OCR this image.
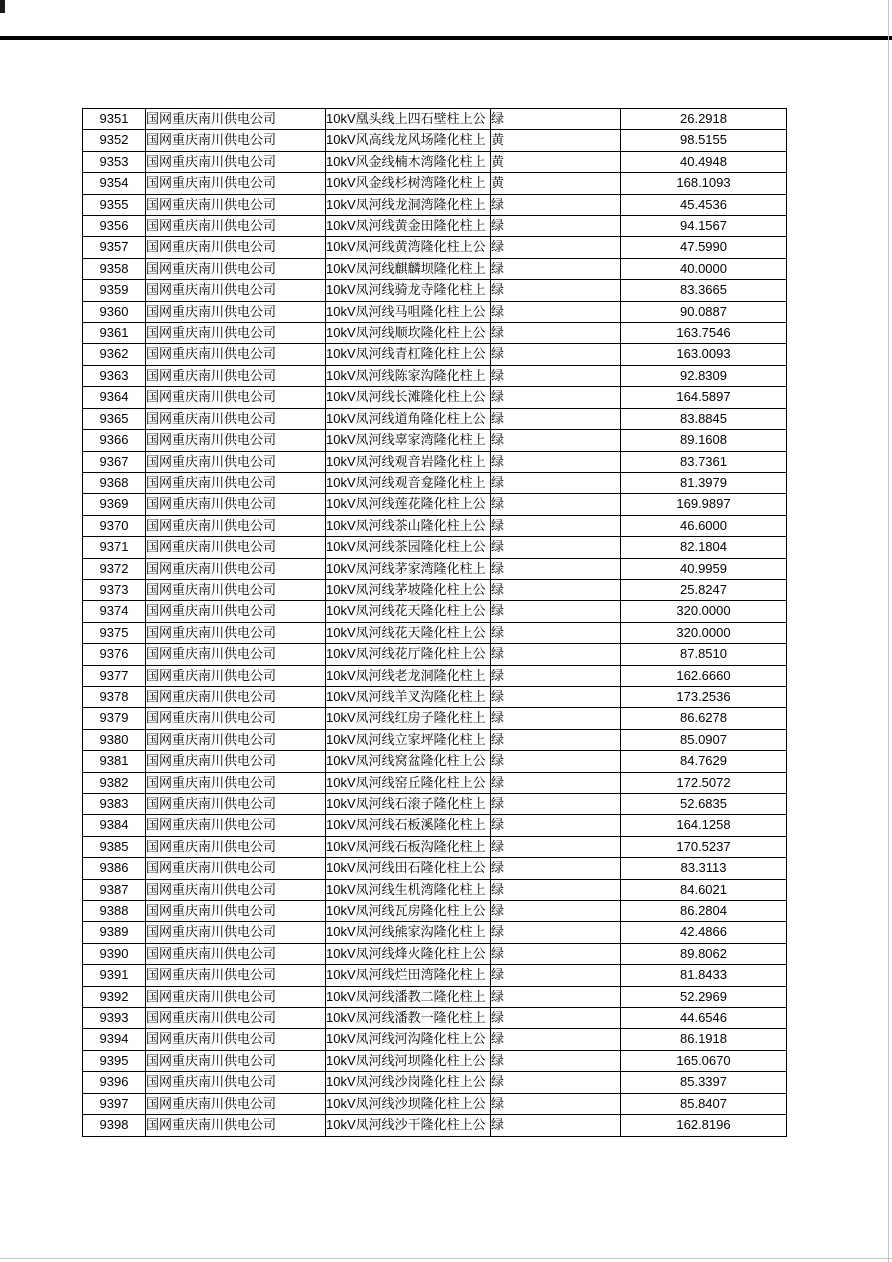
9351	国网重庆南川供电公司	10kV凰头线上四石壁柱上公	绿	26.2918
9352	国网重庆南川供电公司	10kV风高线龙风场隆化柱上	黄	98.5155
9353	国网重庆南川供电公司	10kV风金线楠木湾隆化柱上	黄	40.4948
9354	国网重庆南川供电公司	10kV风金线杉树湾隆化柱上	黄	168.1093
9355	国网重庆南川供电公司	10kV凤河线龙洞湾隆化柱上	绿	45.4536
9356	国网重庆南川供电公司	10kV凤河线黄金田隆化柱上	绿	94.1567
9357	国网重庆南川供电公司	10kV凤河线黄湾隆化柱上公	绿	47.5990
9358	国网重庆南川供电公司	10kV凤河线麒麟坝隆化柱上	绿	40.0000
9359	国网重庆南川供电公司	10kV凤河线骑龙寺隆化柱上	绿	83.3665
9360	国网重庆南川供电公司	10kV凤河线马咀隆化柱上公	绿	90.0887
9361	国网重庆南川供电公司	10kV凤河线顺坎隆化柱上公	绿	163.7546
9362	国网重庆南川供电公司	10kV凤河线青杠隆化柱上公	绿	163.0093
9363	国网重庆南川供电公司	10kV凤河线陈家沟隆化柱上	绿	92.8309
9364	国网重庆南川供电公司	10kV凤河线长滩隆化柱上公	绿	164.5897
9365	国网重庆南川供电公司	10kV凤河线道角隆化柱上公	绿	83.8845
9366	国网重庆南川供电公司	10kV凤河线辜家湾隆化柱上	绿	89.1608
9367	国网重庆南川供电公司	10kV凤河线观音岩隆化柱上	绿	83.7361
9368	国网重庆南川供电公司	10kV凤河线观音龛隆化柱上	绿	81.3979
9369	国网重庆南川供电公司	10kV凤河线莲花隆化柱上公	绿	169.9897
9370	国网重庆南川供电公司	10kV凤河线茶山隆化柱上公	绿	46.6000
9371	国网重庆南川供电公司	10kV凤河线茶园隆化柱上公	绿	82.1804
9372	国网重庆南川供电公司	10kV凤河线茅家湾隆化柱上	绿	40.9959
9373	国网重庆南川供电公司	10kV凤河线茅坡隆化柱上公	绿	25.8247
9374	国网重庆南川供电公司	10kV凤河线花天隆化柱上公	绿	320.0000
9375	国网重庆南川供电公司	10kV凤河线花天隆化柱上公	绿	320.0000
9376	国网重庆南川供电公司	10kV凤河线花厅隆化柱上公	绿	87.8510
9377	国网重庆南川供电公司	10kV凤河线老龙洞隆化柱上	绿	162.6660
9378	国网重庆南川供电公司	10kV凤河线羊叉沟隆化柱上	绿	173.2536
9379	国网重庆南川供电公司	10kV凤河线红房子隆化柱上	绿	86.6278
9380	国网重庆南川供电公司	10kV凤河线立家坪隆化柱上	绿	85.0907
9381	国网重庆南川供电公司	10kV凤河线窝盆隆化柱上公	绿	84.7629
9382	国网重庆南川供电公司	10kV凤河线窑丘隆化柱上公	绿	172.5072
9383	国网重庆南川供电公司	10kV凤河线石滚子隆化柱上	绿	52.6835
9384	国网重庆南川供电公司	10kV凤河线石板溪隆化柱上	绿	164.1258
9385	国网重庆南川供电公司	10kV凤河线石板沟隆化柱上	绿	170.5237
9386	国网重庆南川供电公司	10kV凤河线田石隆化柱上公	绿	83.3113
9387	国网重庆南川供电公司	10kV凤河线生机湾隆化柱上	绿	84.6021
9388	国网重庆南川供电公司	10kV凤河线瓦房隆化柱上公	绿	86.2804
9389	国网重庆南川供电公司	10kV凤河线熊家沟隆化柱上	绿	42.4866
9390	国网重庆南川供电公司	10kV凤河线烽火隆化柱上公	绿	89.8062
9391	国网重庆南川供电公司	10kV凤河线烂田湾隆化柱上	绿	81.8433
9392	国网重庆南川供电公司	10kV凤河线潘教二隆化柱上	绿	52.2969
9393	国网重庆南川供电公司	10kV凤河线潘教一隆化柱上	绿	44.6546
9394	国网重庆南川供电公司	10kV凤河线河沟隆化柱上公	绿	86.1918
9395	国网重庆南川供电公司	10kV凤河线河坝隆化柱上公	绿	165.0670
9396	国网重庆南川供电公司	10kV凤河线沙岗隆化柱上公	绿	85.3397
9397	国网重庆南川供电公司	10kV凤河线沙坝隆化柱上公	绿	85.8407
9398	国网重庆南川供电公司	10kV凤河线沙干隆化柱上公	绿	162.8196
